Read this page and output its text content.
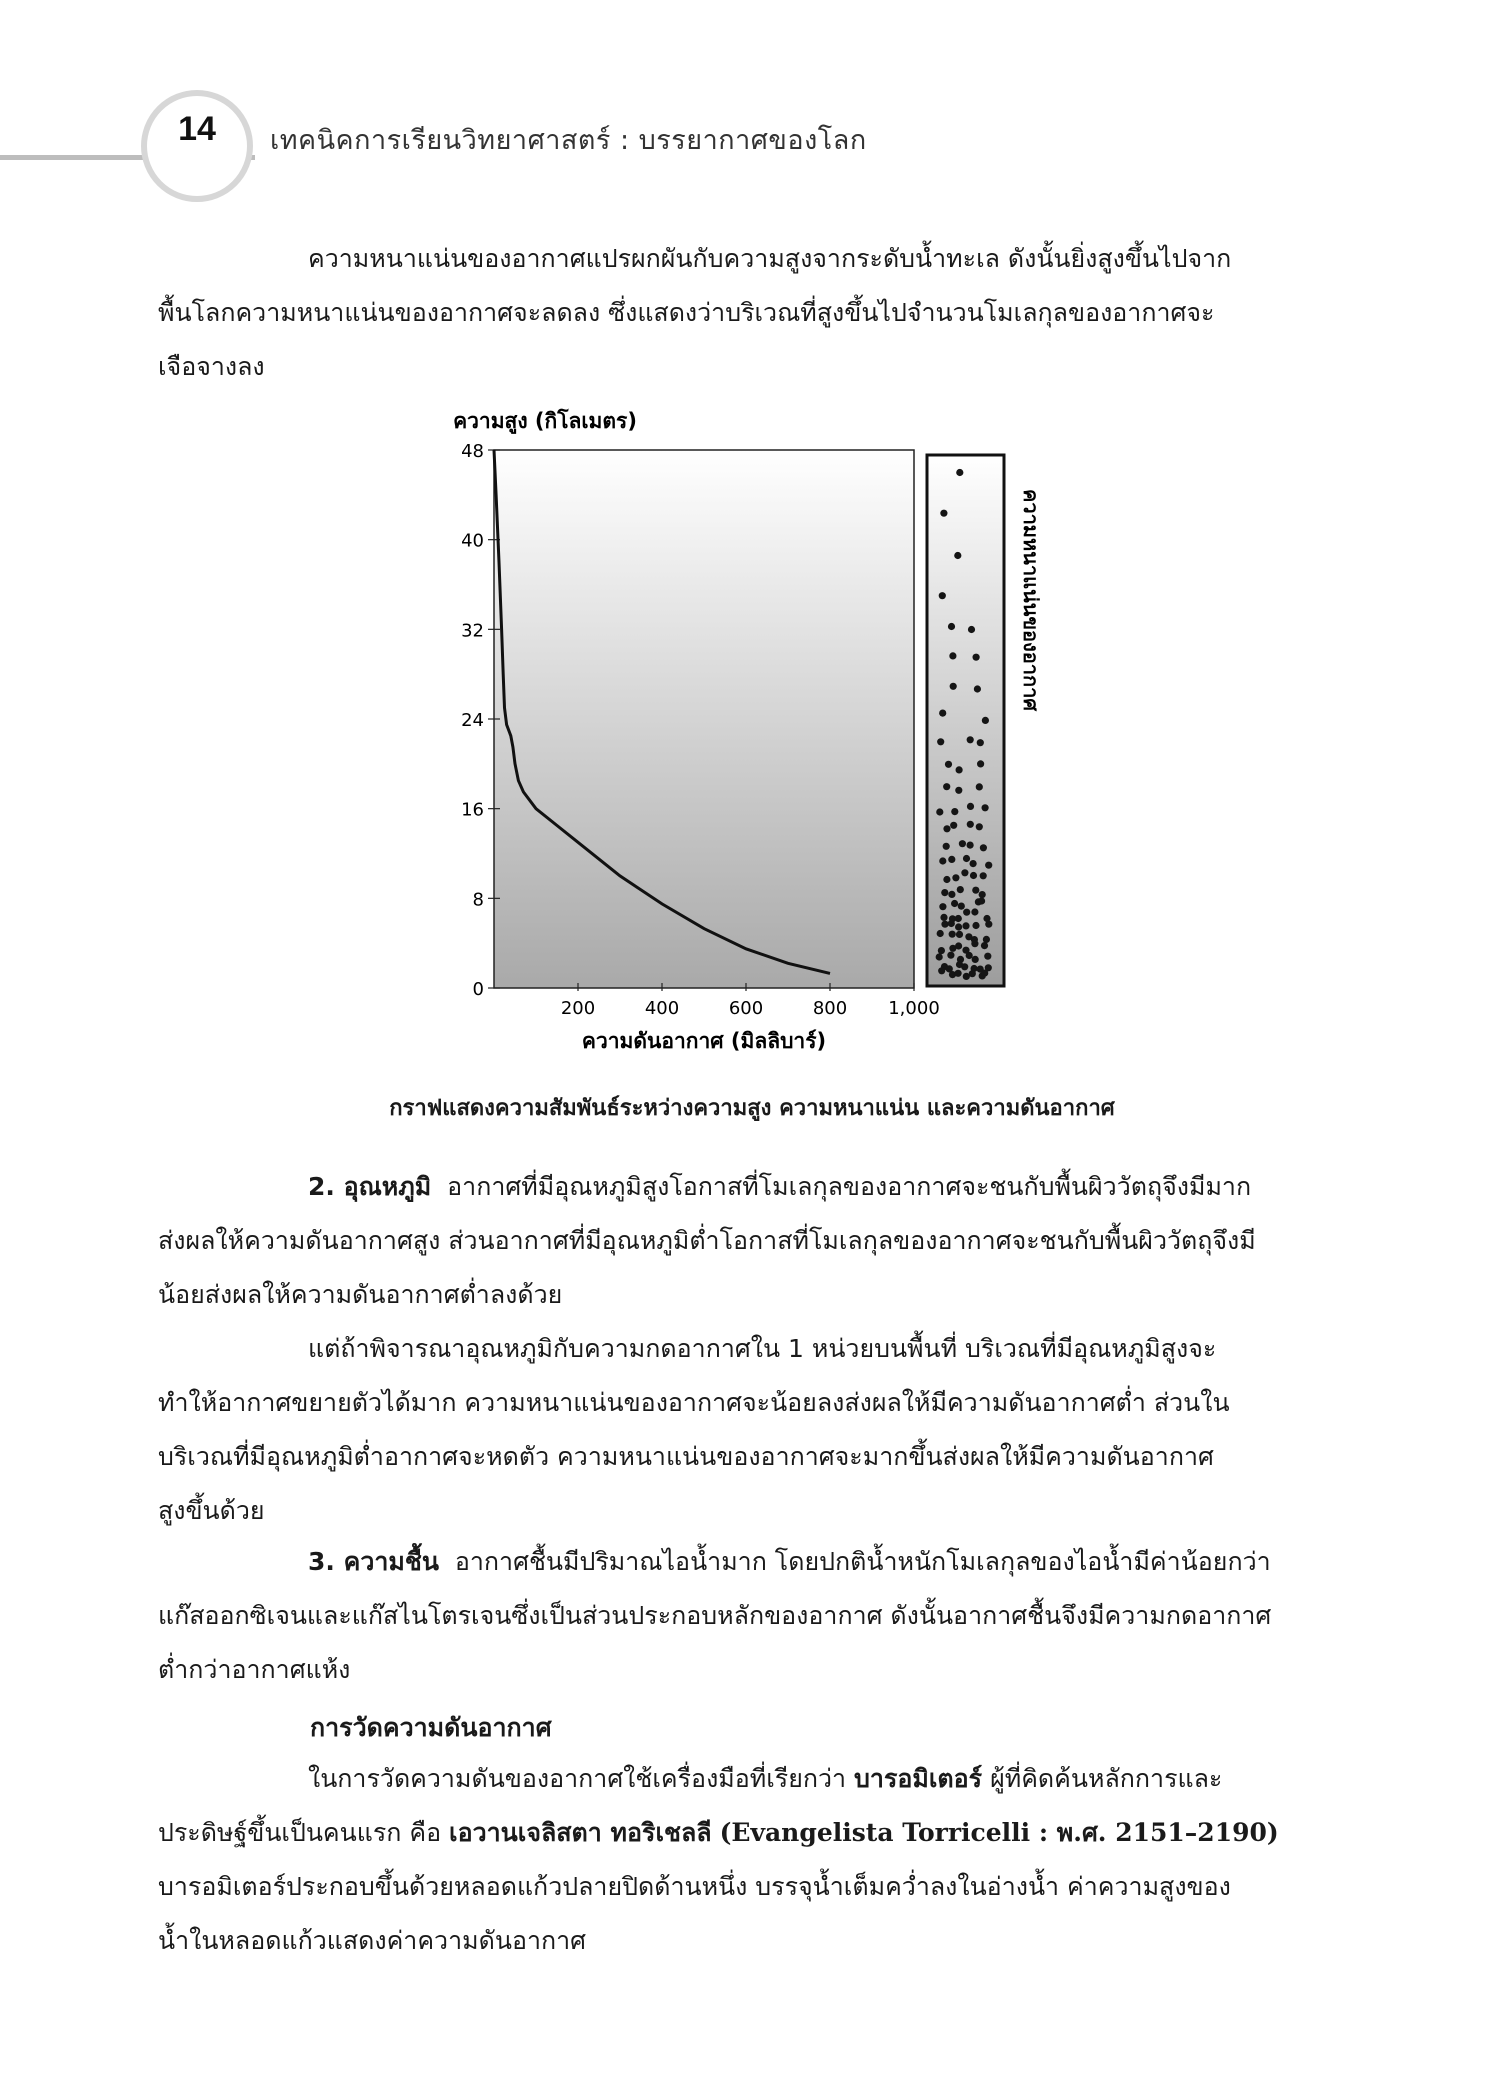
14	เทคนิคการเรียนวิทยาศาสตร์ : บรรยากาศของโลก
ความหนาแน่นของอากาศแปรผกผันกับความสูงจากระดับน้ำทะเล ดังนั้นยิ่งสูงขึ้นไปจาก
พื้นโลกความหนาแน่นของอากาศจะลดลง ซึ่งแสดงว่าบริเวณที่สูงขึ้นไปจำนวนโมเลกุลของอากาศจะ
เจือจางลง
ความสูง (กิโลเมตร)
ความดันอากาศ (มิลลิบาร์)
0
8
16
24
32
40
48
200	400	600	800 1,000
ความหนาแน่นของอากาศ
กราฟแสดงความสัมพันธ์ระหว่างความสูง ความหนาแน่น และความดันอากาศ
2. อุณหภูมิ อากาศที่มีอุณหภูมิสูงโอกาสที่โมเลกุลของอากาศจะชนกับพื้นผิววัตถุจึงมีมาก
ส่งผลให้ความดันอากาศสูง ส่วนอากาศที่มีอุณหภูมิต่ำโอกาสที่โมเลกุลของอากาศจะชนกับพื้นผิววัตถุจึงมี
น้อยส่งผลให้ความดันอากาศต่ำลงด้วย
แต่ถ้าพิจารณาอุณหภูมิกับความกดอากาศใน 1 หน่วยบนพื้นที่ บริเวณที่มีอุณหภูมิสูงจะ
ทำให้อากาศขยายตัวได้มาก ความหนาแน่นของอากาศจะน้อยลงส่งผลให้มีความดันอากาศต่ำ ส่วนใน
บริเวณที่มีอุณหภูมิต่ำอากาศจะหดตัว ความหนาแน่นของอากาศจะมากขึ้นส่งผลให้มีความดันอากาศ
สูงขึ้นด้วย
3. ความชื้น อากาศชื้นมีปริมาณไอน้ำมาก โดยปกติน้ำหนักโมเลกุลของไอน้ำมีค่าน้อยกว่า
แก๊สออกซิเจนและแก๊สไนโตรเจนซึ่งเป็นส่วนประกอบหลักของอากาศ ดังนั้นอากาศชื้นจึงมีความกดอากาศ
ต่ำกว่าอากาศแห้ง
การวัดความดันอากาศ
ในการวัดความดันของอากาศใช้เครื่องมือที่เรียกว่า บารอมิเตอร์ ผู้ที่คิดค้นหลักการและ
ประดิษฐ์ขึ้นเป็นคนแรก คือ เอวานเจลิสตา ทอริเชลลี (Evangelista Torricelli : พ.ศ. 2151–2190)
บารอมิเตอร์ประกอบขึ้นด้วยหลอดแก้วปลายปิดด้านหนึ่ง บรรจุน้ำเต็มคว่ำลงในอ่างน้ำ ค่าความสูงของ
น้ำในหลอดแก้วแสดงค่าความดันอากาศ
